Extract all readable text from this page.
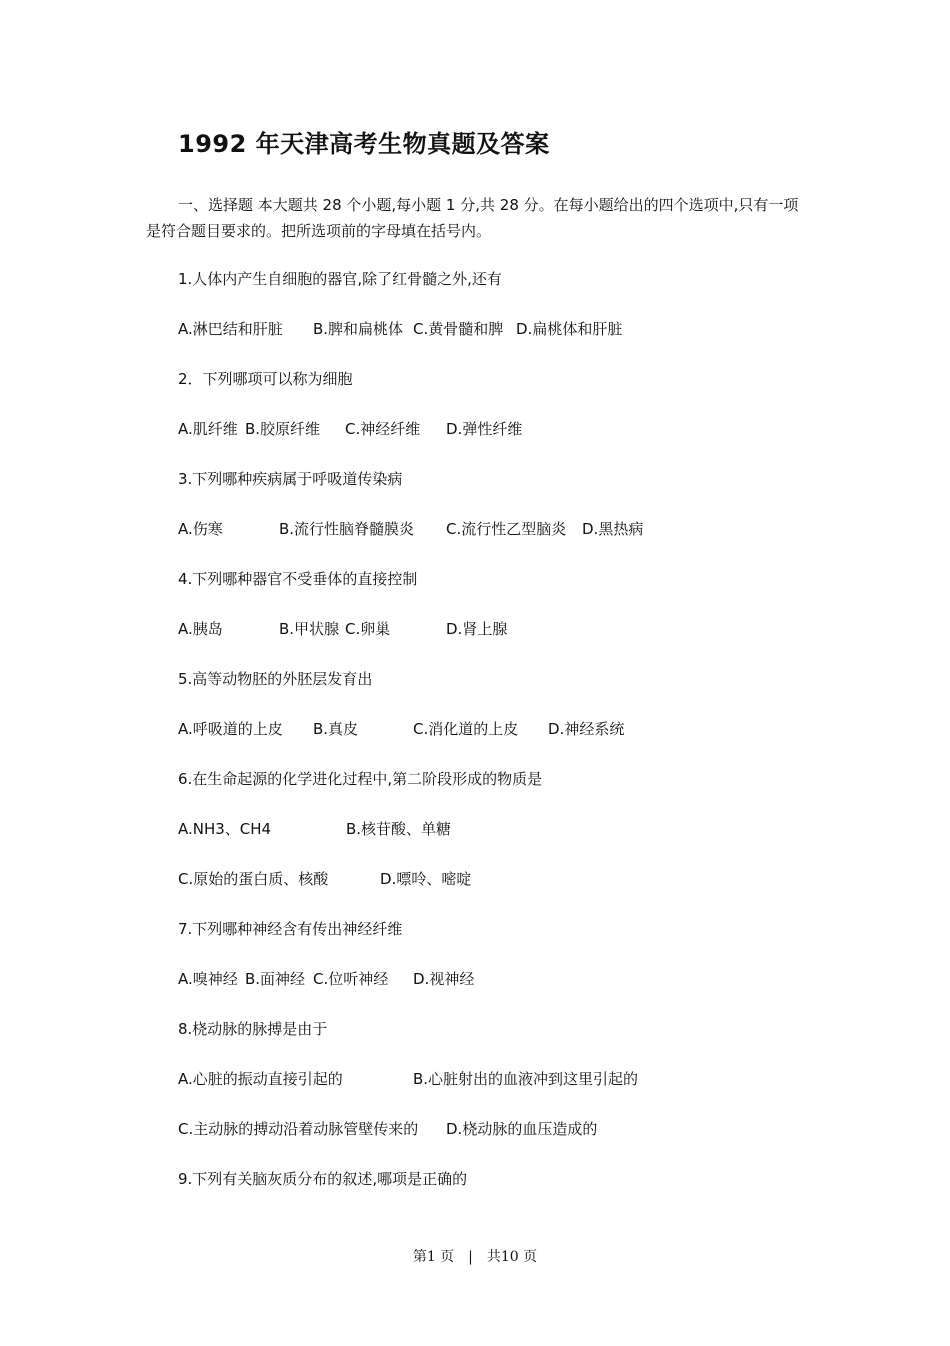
1992 年天津高考生物真题及答案
一、选择题 本大题共 28 个小题,每小题 1 分,共 28 分。在每小题给出的四个选项中,只有一项是符合题目要求的。把所选项前的字母填在括号内。
1.人体内产生自细胞的器官,除了红骨髓之外,还有
A.淋巴结和肝脏 B.脾和扁桃体 C.黄骨髓和脾 D.扁桃体和肝脏
2．下列哪项可以称为细胞
A.肌纤维 B.胶原纤维 C.神经纤维 D.弹性纤维
3.下列哪种疾病属于呼吸道传染病
A.伤寒	B.流行性脑脊髓膜炎 C.流行性乙型脑炎 D.黑热病
4.下列哪种器官不受垂体的直接控制
A.胰岛	B.甲状腺 C.卵巢	D.肾上腺
5.高等动物胚的外胚层发育出
A.呼吸道的上皮 B.真皮	C.消化道的上皮 D.神经系统
6.在生命起源的化学进化过程中,第二阶段形成的物质是
A.NH3、CH4	B.核苷酸、单糖
C.原始的蛋白质、核酸	D.嘌呤、嘧啶
7.下列哪种神经含有传出神经纤维
A.嗅神经 B.面神经 C.位听神经 D.视神经
8.桡动脉的脉搏是由于
A.心脏的振动直接引起的	B.心脏射出的血液冲到这里引起的
C.主动脉的搏动沿着动脉管壁传来的 D.桡动脉的血压造成的
9.下列有关脑灰质分布的叙述,哪项是正确的
第1 页　|　共10 页
